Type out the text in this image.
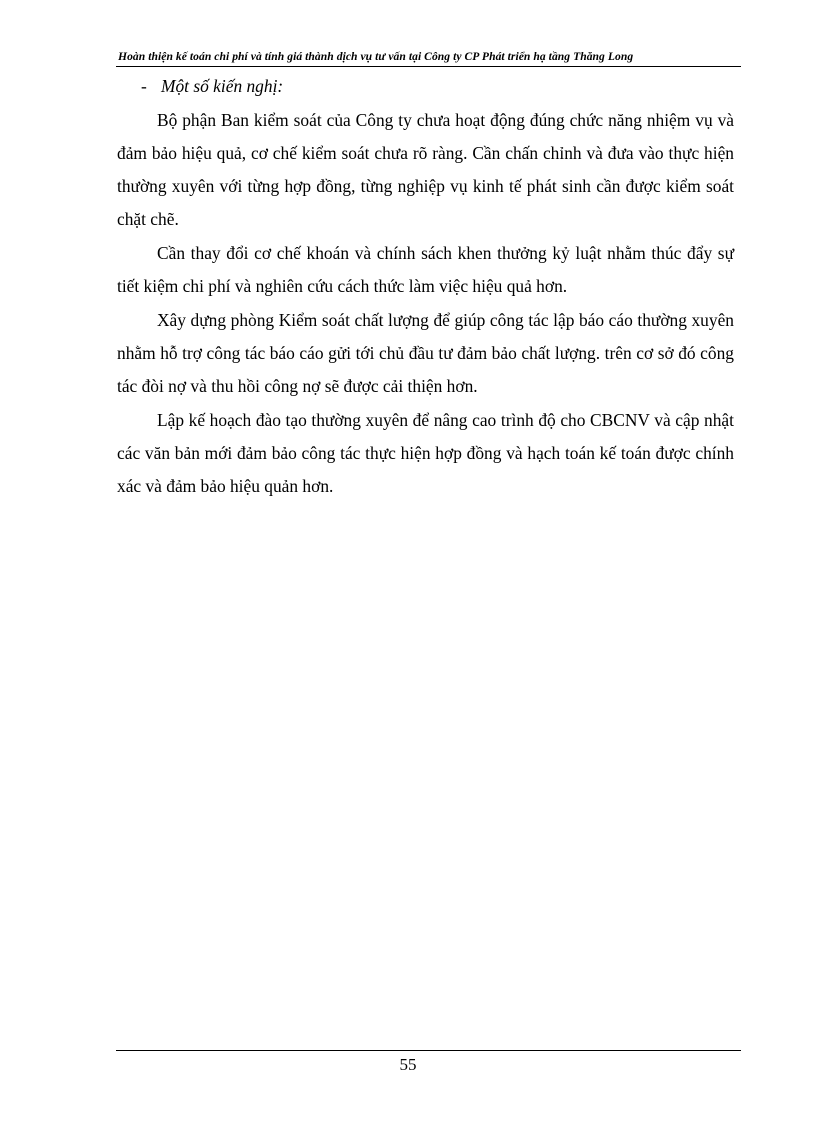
Hoàn thiện kế toán chi phí và tính giá thành dịch vụ tư vấn tại Công ty CP Phát triển hạ tầng Thăng Long

- Một số kiến nghị:

Bộ phận Ban kiểm soát của Công ty chưa hoạt động đúng chức năng nhiệm vụ và đảm bảo hiệu quả, cơ chế kiểm soát chưa rõ ràng. Cần chấn chỉnh và đưa vào thực hiện thường xuyên với từng hợp đồng, từng nghiệp vụ kinh tế phát sinh cần được kiểm soát chặt chẽ.

Cần thay đổi cơ chế khoán và chính sách khen thưởng kỷ luật nhằm thúc đẩy sự tiết kiệm chi phí và nghiên cứu cách thức làm việc hiệu quả hơn.

Xây dựng phòng Kiểm soát chất lượng để giúp công tác lập báo cáo thường xuyên nhằm hỗ trợ công tác báo cáo gửi tới chủ đầu tư đảm bảo chất lượng. trên cơ sở đó công tác đòi nợ và thu hồi công nợ sẽ được cải thiện hơn.

Lập kế hoạch đào tạo thường xuyên để nâng cao trình độ cho CBCNV và cập nhật các văn bản mới đảm bảo công tác thực hiện hợp đồng và hạch toán kế toán được chính xác và đảm bảo hiệu quản hơn.

55
